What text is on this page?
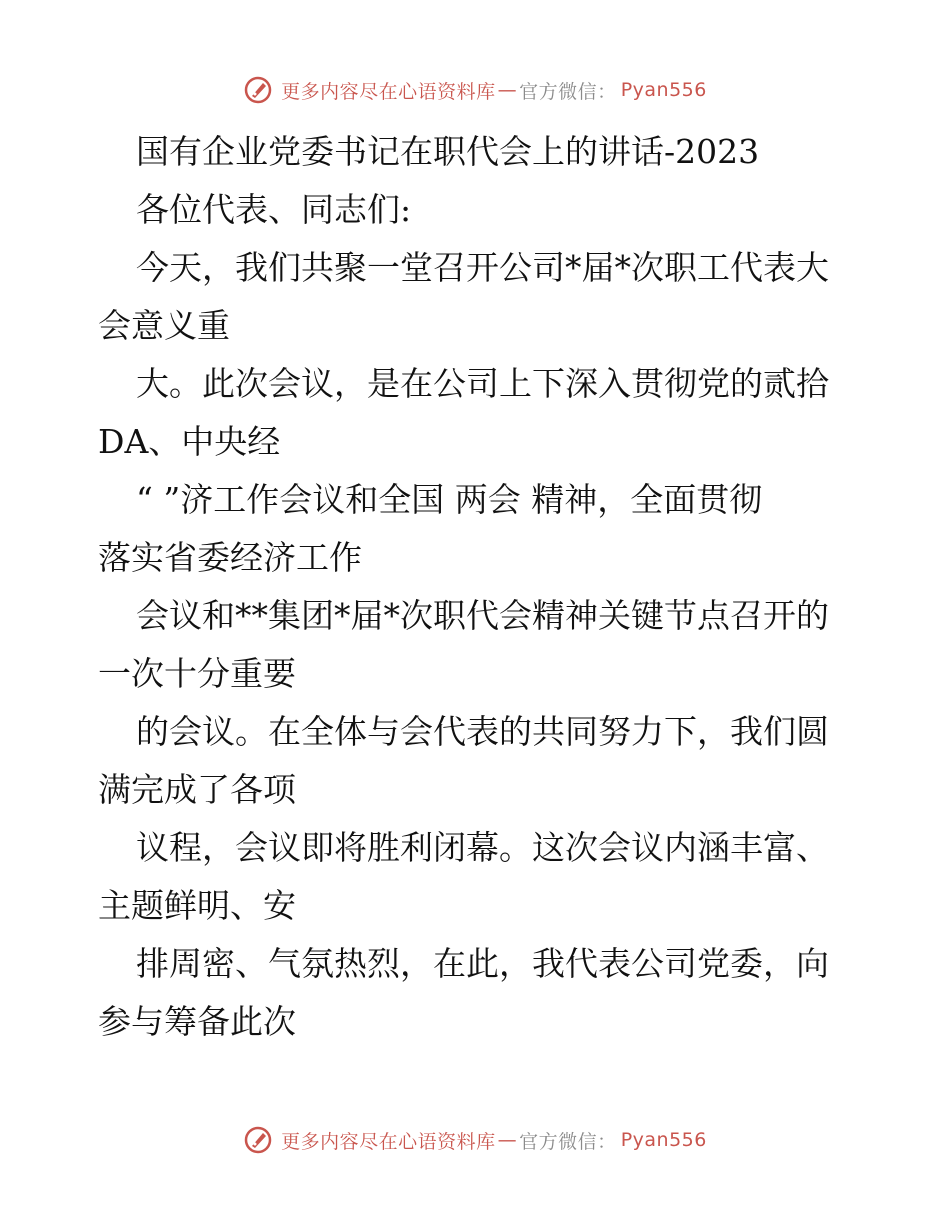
更多内容尽在心语资料库 — 官方微信： Pyan556

国有企业党委书记在职代会上的讲话-2023

各位代表、同志们:

今天，我们共聚一堂召开公司*届*次职工代表大

会意义重

大。此次会议，是在公司上下深入贯彻党的贰拾

DA、中央经

“ ”济工作会议和全国 两会 精神，全面贯彻

落实省委经济工作

会议和**集团*届*次职代会精神关键节点召开的

一次十分重要

的会议。在全体与会代表的共同努力下，我们圆

满完成了各项

议程，会议即将胜利闭幕。这次会议内涵丰富、

主题鲜明、安

排周密、气氛热烈，在此，我代表公司党委，向

参与筹备此次

更多内容尽在心语资料库 — 官方微信： Pyan556
